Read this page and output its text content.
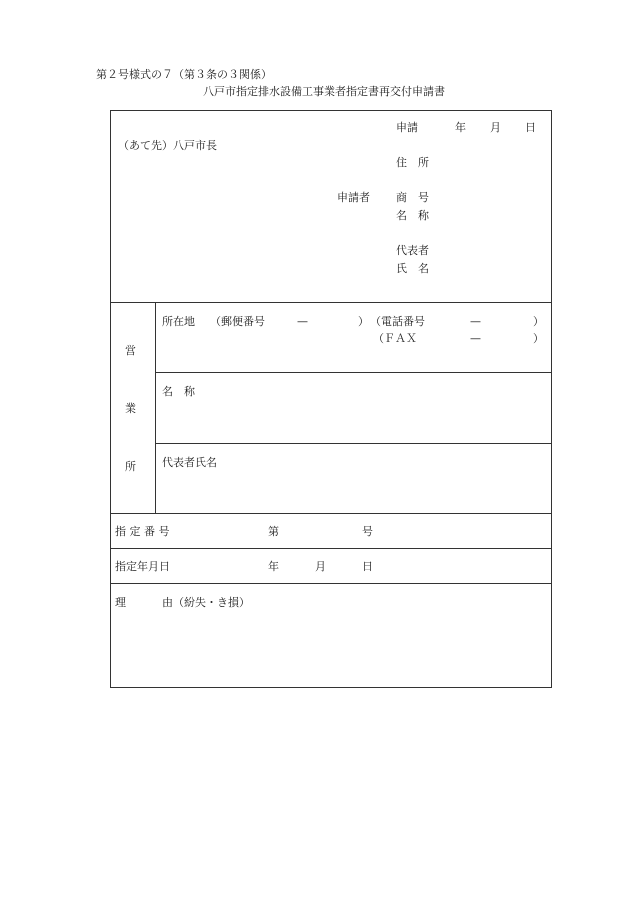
第２号様式の７（第３条の３関係）
八戸市指定排水設備工事業者指定書再交付申請書
申請	年 月 日
（あて先）八戸市長
住　所
申請者 商　号
名　称
代表者
氏　名
営
業
所
所在地 （郵便番号	—	） （電話番号	—	）
（ＦＡＸ	—	）
名　称
代表者氏名
指 定 番 号	第	号
指定年月日	年	月	日
理	由（紛失・き損）
